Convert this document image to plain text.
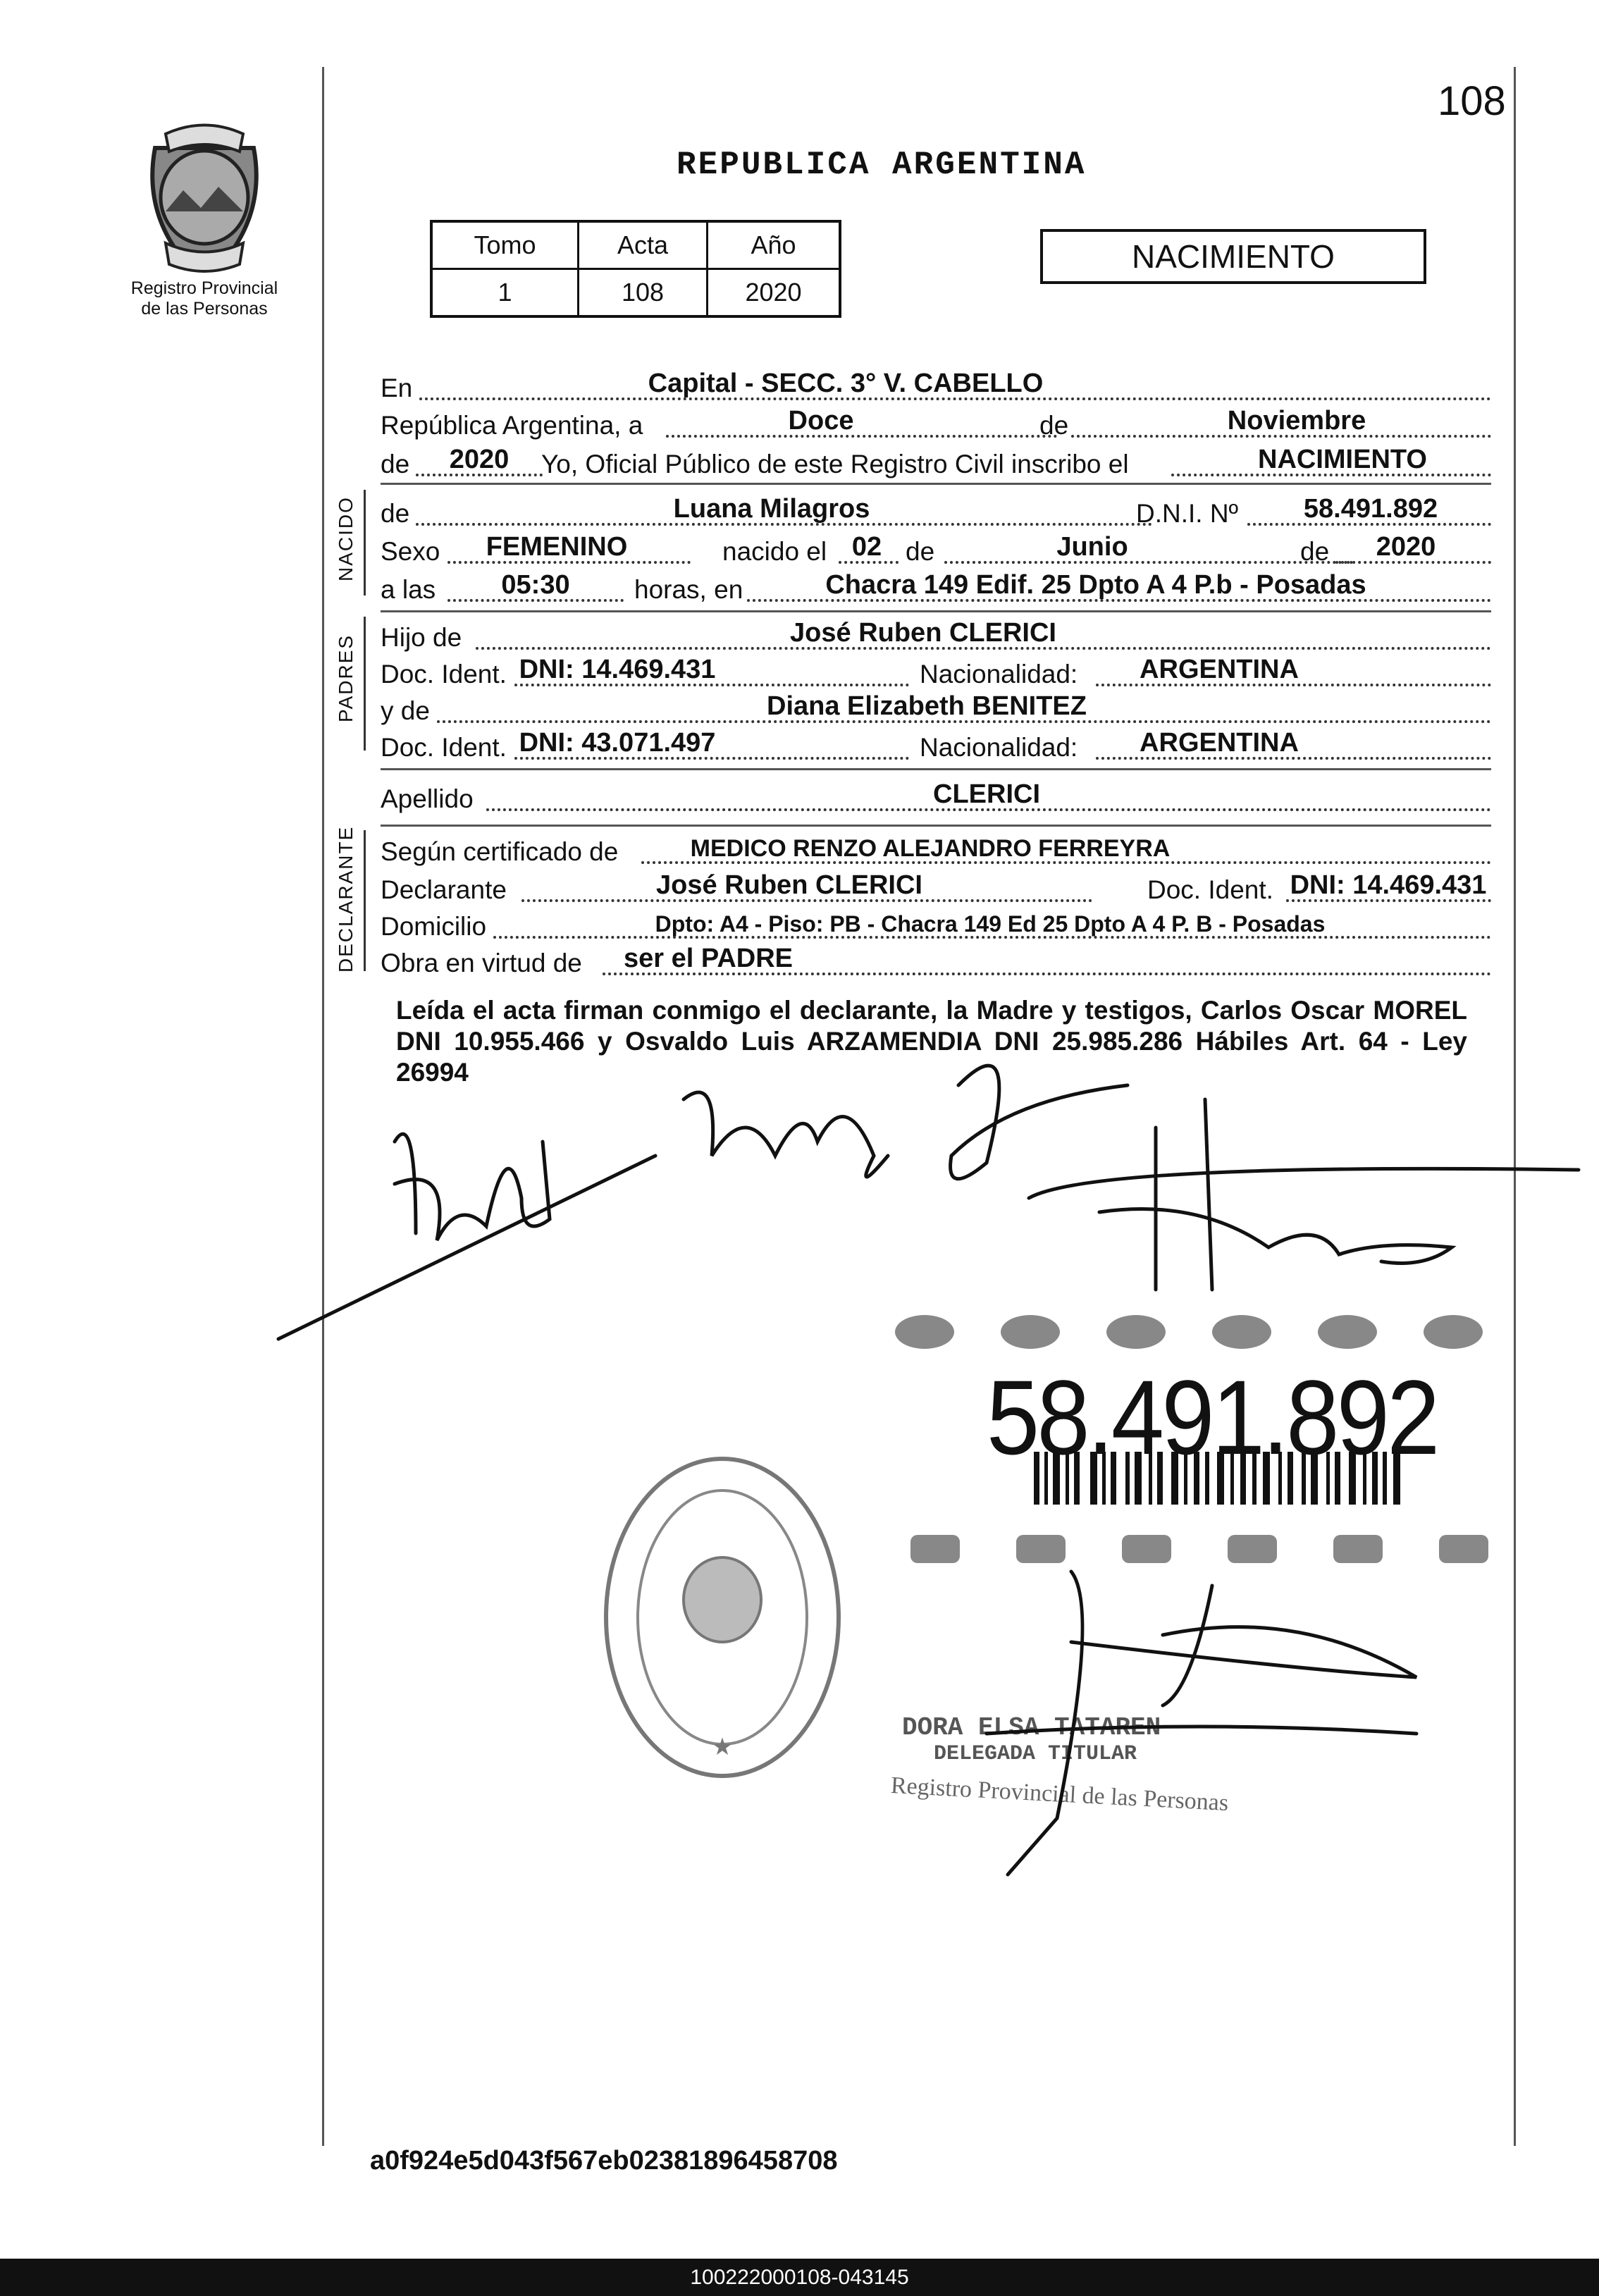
108
REPUBLICA ARGENTINA
Registro Provincial
de las Personas
Tomo	Acta	Año
1	108	2020
NACIMIENTO
En	Capital - SECC. 3° V. CABELLO
República Argentina, a	Doce	de	Noviembre
de 2020 Yo, Oficial Público de este Registro Civil inscribo el	NACIMIENTO
NACIDO de	Luana Milagros	D.N.I. Nº 58.491.892
Sexo FEMENINO	nacido el 02 de	Junio	de 2020
a las 05:30 horas, en	Chacra 149 Edif. 25 Dpto A 4 P.b - Posadas
PADRES Hijo de	José Ruben CLERICI
Doc. Ident. DNI: 14.469.431	Nacionalidad: ARGENTINA
y de	Diana Elizabeth BENITEZ
Doc. Ident. DNI: 43.071.497	Nacionalidad: ARGENTINA
Apellido	CLERICI
DECLARANTE Según certificado de	MEDICO RENZO ALEJANDRO FERREYRA
Declarante	José Ruben CLERICI	Doc. Ident. DNI: 14.469.431
Domicilio	Dpto: A4 - Piso: PB - Chacra 149 Ed 25 Dpto A 4 P. B - Posadas
Obra en virtud de ser el PADRE
Leída el acta firman conmigo el declarante, la Madre y testigos, Carlos Oscar MOREL DNI 10.955.466 y Osvaldo Luis ARZAMENDIA DNI 25.985.286 Hábiles Art. 64 - Ley 26994
58.491.892
★
DORA ELSA TATAREN
DELEGADA TITULAR
Registro Provincial de las Personas
a0f924e5d043f567eb02381896458708
100222000108-043145
